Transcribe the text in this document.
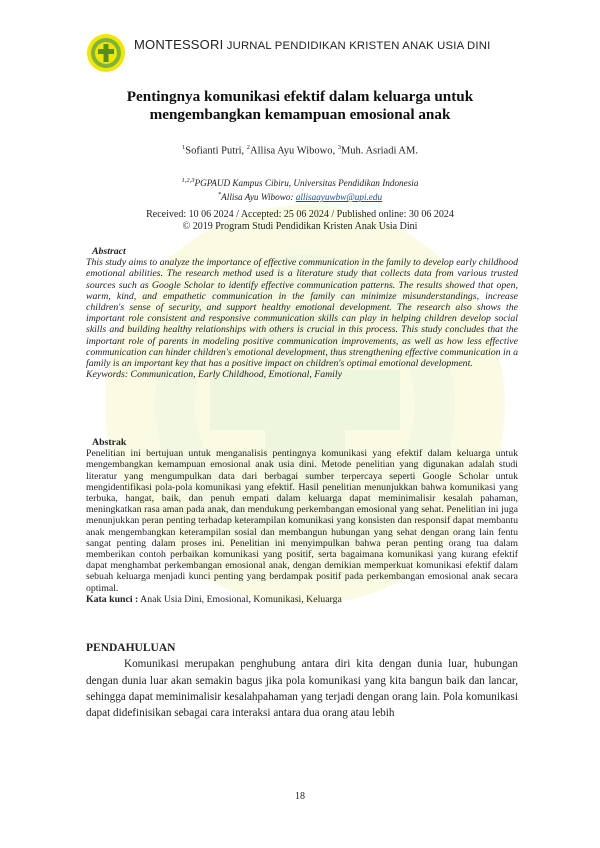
MONTESSORI JURNAL PENDIDIKAN KRISTEN ANAK USIA DINI
Pentingnya komunikasi efektif dalam keluarga untuk
mengembangkan kemampuan emosional anak
$^1$Sofianti Putri, $^2$Allisa Ayu Wibowo, $^3$Muh. Asriadi AM.
$^{1,2,3}$PGPAUD Kampus Cibiru, Universitas Pendidikan Indonesia
*Allisa Ayu Wibowo: allisaayuwbw@upi.edu
Received: 10 06 2024 / Accepted: 25 06 2024 / Published online: 30 06 2024
© 2019 Program Studi Pendidikan Kristen Anak Usia Dini

Abstract

This study aims to analyze the importance of effective communication in the family to develop early childhood emotional abilities. The research method used is a literature study that collects data from various trusted sources such as Google Scholar to identify effective communication patterns. The results showed that open, warm, kind, and empathetic communication in the family can minimize misunderstandings, increase children's sense of security, and support healthy emotional development. The research also shows the important role consistent and responsive communication skills can play in helping children develop social skills and building healthy relationships with others is crucial in this process. This study concludes that the important role of parents in modeling positive communication improvements, as well as how less effective communication can hinder children's emotional development, thus strengthening effective communication in a family is an important key that has a positive impact on children's optimal emotional development.

Keywords: Communication, Early Childhood, Emotional, Family

Abstrak

Penelitian ini bertujuan untuk menganalisis pentingnya komunikasi yang efektif dalam keluarga untuk mengembangkan kemampuan emosional anak usia dini. Metode penelitian yang digunakan adalah studi literatur yang mengumpulkan data dari berbagai sumber terpercaya seperti Google Scholar untuk mengidentifikasi pola-pola komunikasi yang efektif. Hasil penelitian menunjukkan bahwa komunikasi yang terbuka, hangat, baik, dan penuh empati dalam keluarga dapat meminimalisir kesalah pahaman, meningkatkan rasa aman pada anak, dan mendukung perkembangan emosional yang sehat. Penelitian ini juga menunjukkan peran penting terhadap keterampilan komunikasi yang konsisten dan responsif dapat membantu anak mengembangkan keterampilan sosial dan membangun hubungan yang sehat dengan orang lain fentu sangat penting dalam proses ini. Penelitian ini menyimpulkan bahwa peran penting orang tua dalam memberikan contoh perbaikan komunikasi yang positif, serta bagaimana komunikasi yang kurang efektif dapat menghambat perkembangan emosional anak, dengan demikian memperkuat komunikasi efektif dalam sebuah keluarga menjadi kunci penting yang berdampak positif pada perkembangan emosional anak secara optimal.

Kata kunci : Anak Usia Dini, Emosional, Komunikasi, Keluarga

PENDAHULUAN

Komunikasi merupakan penghubung antara diri kita dengan dunia luar, hubungan dengan dunia luar akan semakin bagus jika pola komunikasi yang kita bangun baik dan lancar, sehingga dapat meminimalisir kesalahpahaman yang terjadi dengan orang lain. Pola komunikasi dapat didefinisikan sebagai cara interaksi antara dua orang atau lebih

18
